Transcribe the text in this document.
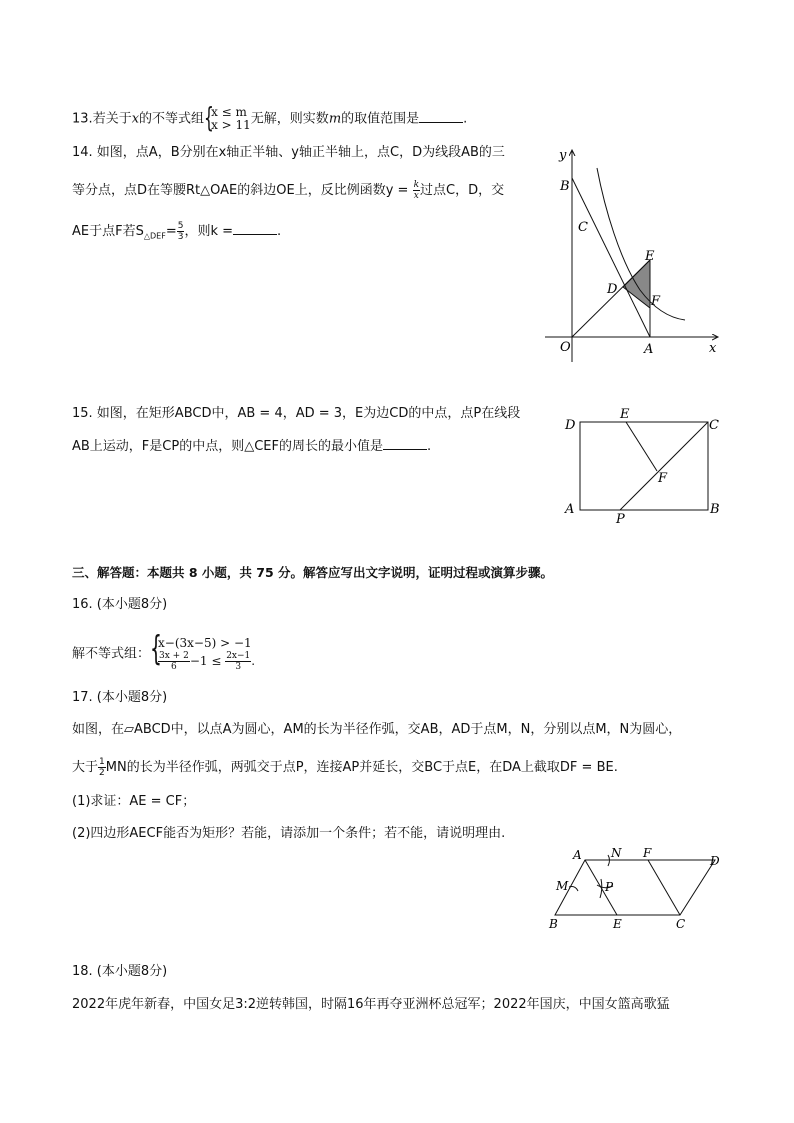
13.若关于x的不等式组 {
x ≤ m
x > 11 无解，则实数m的取值范围是	.
14. 如图，点A，B分别在x轴正半轴、y轴正半轴上，点C，D为线段AB的三
等分点，点D在等腰Rt△OAE的斜边OE上，反比例函数$y = \frac{k}{x}$ 过点C，D，交
AE于点F若$S_{\triangle DEF}= \frac{5}{3}$ ，则k =	.
y
x
O	A
B
C
D
E
F
15. 如图，在矩形ABCD中，AB = 4，AD = 3，E为边CD的中点，点P在线段
AB上运动，F是CP的中点，则△CEF的周长的最小值是	.
D
E
C
F
A
P
B
三、解答题：本题共 8 小题，共 75 分。解答应写出文字说明，证明过程或演算步骤。
16. (本小题8分)
解不等式组： {
x−(3x−5) > −1
$\frac{3x + 2}{6} -1 \le \frac{2x-1}{3}$ .
17. (本小题8分)
如图，在▱ABCD中，以点A为圆心，AM的长为半径作弧，交AB，AD于点M，N，分别以点M，N为圆心，
大于 $\frac{1}{2}$ MN的长为半径作弧，两弧交于点P，连接AP并延长，交BC于点E，在DA上截取DF = BE.
(1)求证：AE = CF；
(2)四边形AECF能否为矩形？若能，请添加一个条件；若不能，请说明理由.
A N F
D
M	P
B	E	C
18. (本小题8分)
2022年虎年新春，中国女足3:2逆转韩国，时隔16年再夺亚洲杯总冠军；2022年国庆，中国女篮高歌猛
